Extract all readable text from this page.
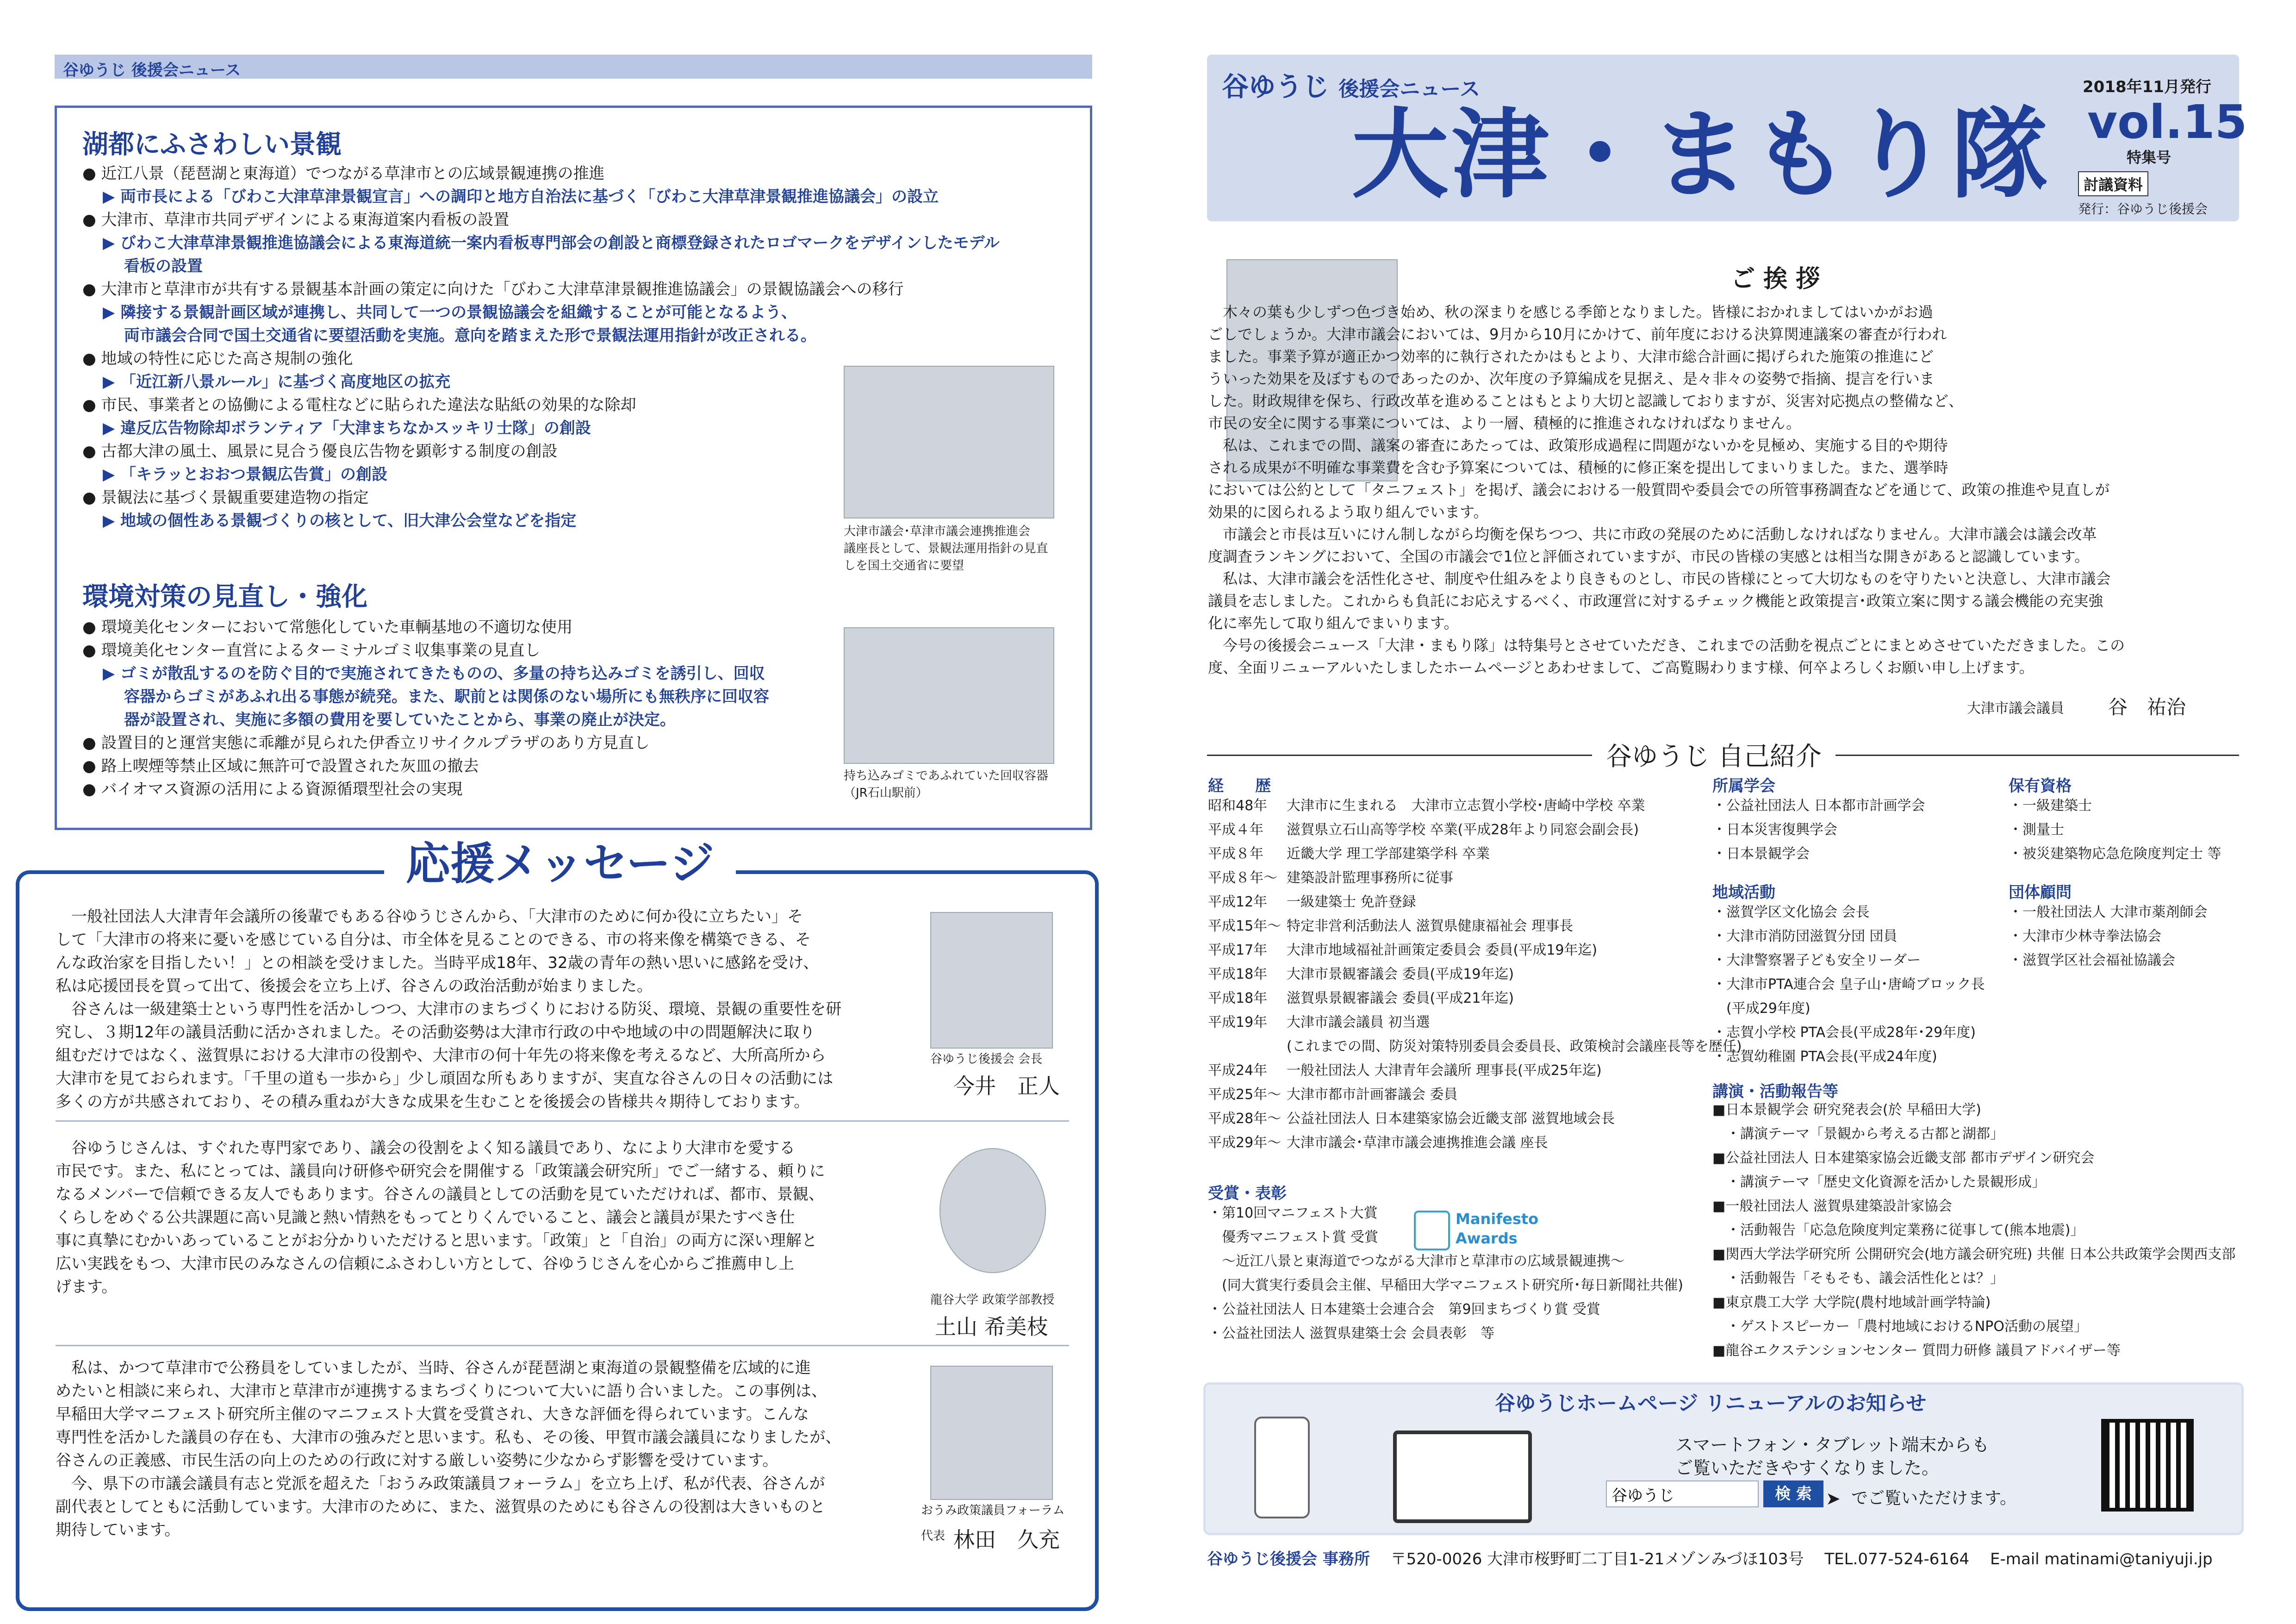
谷ゆうじ 後援会ニュース
湖都にふさわしい景観
● 近江八景（琵琶湖と東海道）でつながる草津市との広域景観連携の推進
▶ 両市長による「びわこ大津草津景観宣言」への調印と地方自治法に基づく「びわこ大津草津景観推進協議会」の設立
● 大津市、草津市共同デザインによる東海道案内看板の設置
▶ びわこ大津草津景観推進協議会による東海道統一案内看板専門部会の創設と商標登録されたロゴマークをデザインしたモデル
　 看板の設置
● 大津市と草津市が共有する景観基本計画の策定に向けた「びわこ大津草津景観推進協議会」の景観協議会への移行
▶ 隣接する景観計画区域が連携し、共同して一つの景観協議会を組織することが可能となるよう、
　 両市議会合同で国土交通省に要望活動を実施。意向を踏まえた形で景観法運用指針が改正される。
● 地域の特性に応じた高さ規制の強化
▶ 「近江新八景ルール」に基づく高度地区の拡充
● 市民、事業者との協働による電柱などに貼られた違法な貼紙の効果的な除却
▶ 違反広告物除却ボランティア「大津まちなかスッキリ士隊」の創設
● 古都大津の風土、風景に見合う優良広告物を顕彰する制度の創設
▶ 「キラッとおおつ景観広告賞」の創設
● 景観法に基づく景観重要建造物の指定
▶ 地域の個性ある景観づくりの核として、旧大津公会堂などを指定
大津市議会･草津市議会連携推進会
議座長として、景観法運用指針の見直
しを国土交通省に要望
環境対策の見直し・強化
● 環境美化センターにおいて常態化していた車輌基地の不適切な使用
● 環境美化センター直営によるターミナルゴミ収集事業の見直し
▶ ゴミが散乱するのを防ぐ目的で実施されてきたものの、多量の持ち込みゴミを誘引し、回収
　 容器からゴミがあふれ出る事態が続発。また、駅前とは関係のない場所にも無秩序に回収容
　 器が設置され、実施に多額の費用を要していたことから、事業の廃止が決定。
● 設置目的と運営実態に乖離が見られた伊香立リサイクルプラザのあり方見直し
● 路上喫煙等禁止区域に無許可で設置された灰皿の撤去
● バイオマス資源の活用による資源循環型社会の実現
持ち込みゴミであふれていた回収容器
（JR石山駅前）
応援メッセージ
　一般社団法人大津青年会議所の後輩でもある谷ゆうじさんから、「大津市のために何か役に立ちたい」そ
して「大津市の将来に憂いを感じている自分は、市全体を見ることのできる、市の将来像を構築できる、そ
んな政治家を目指したい！」との相談を受けました。当時平成18年、32歳の青年の熱い思いに感銘を受け、
私は応援団長を買って出て、後援会を立ち上げ、谷さんの政治活動が始まりました。
　谷さんは一級建築士という専門性を活かしつつ、大津市のまちづくりにおける防災、環境、景観の重要性を研
究し、３期12年の議員活動に活かされました。その活動姿勢は大津市行政の中や地域の中の問題解決に取り
組むだけではなく、滋賀県における大津市の役割や、大津市の何十年先の将来像を考えるなど、大所高所から
大津市を見ておられます。「千里の道も一歩から」少し頑固な所もありますが、実直な谷さんの日々の活動には
多くの方が共感されており、その積み重ねが大きな成果を生むことを後援会の皆様共々期待しております。
谷ゆうじ後援会 会長
今井　正人
　谷ゆうじさんは、すぐれた専門家であり、議会の役割をよく知る議員であり、なにより大津市を愛する
市民です。また、私にとっては、議員向け研修や研究会を開催する「政策議会研究所」でご一緒する、頼りに
なるメンバーで信頼できる友人でもあります。谷さんの議員としての活動を見ていただければ、都市、景観、
くらしをめぐる公共課題に高い見識と熱い情熱をもってとりくんでいること、議会と議員が果たすべき仕
事に真摯にむかいあっていることがお分かりいただけると思います。「政策」と「自治」の両方に深い理解と
広い実践をもつ、大津市民のみなさんの信頼にふさわしい方として、谷ゆうじさんを心からご推薦申し上
げます。
龍谷大学 政策学部教授
土山 希美枝
　私は、かつて草津市で公務員をしていましたが、当時、谷さんが琵琶湖と東海道の景観整備を広域的に進
めたいと相談に来られ、大津市と草津市が連携するまちづくりについて大いに語り合いました。この事例は、
早稲田大学マニフェスト研究所主催のマニフェスト大賞を受賞され、大きな評価を得られています。こんな
専門性を活かした議員の存在も、大津市の強みだと思います。私も、その後、甲賀市議会議員になりましたが、
谷さんの正義感、市民生活の向上のための行政に対する厳しい姿勢に少なからず影響を受けています。
　今、県下の市議会議員有志と党派を超えた「おうみ政策議員フォーラム」を立ち上げ、私が代表、谷さんが
副代表としてともに活動しています。大津市のために、また、滋賀県のためにも谷さんの役割は大きいものと
期待しています。
おうみ政策議員フォーラム
代表 林田　久充
谷ゆうじ 後援会ニュース
大津・まもり隊
2018年11月発行
vol.15
特集号
討議資料
発行：谷ゆうじ後援会
ご 挨 拶
　木々の葉も少しずつ色づき始め、秋の深まりを感じる季節となりました。皆様におかれましてはいかがお過
ごしでしょうか。大津市議会においては、9月から10月にかけて、前年度における決算関連議案の審査が行われ
ました。事業予算が適正かつ効率的に執行されたかはもとより、大津市総合計画に掲げられた施策の推進にど
ういった効果を及ぼすものであったのか、次年度の予算編成を見据え、是々非々の姿勢で指摘、提言を行いま
した。財政規律を保ち、行政改革を進めることはもとより大切と認識しておりますが、災害対応拠点の整備など、
市民の安全に関する事業については、より一層、積極的に推進されなければなりません。
　私は、これまでの間、議案の審査にあたっては、政策形成過程に問題がないかを見極め、実施する目的や期待
される成果が不明確な事業費を含む予算案については、積極的に修正案を提出してまいりました。また、選挙時
においては公約として「タニフェスト」を掲げ、議会における一般質問や委員会での所管事務調査などを通じて、政策の推進や見直しが
効果的に図られるよう取り組んでいます。
　市議会と市長は互いにけん制しながら均衡を保ちつつ、共に市政の発展のために活動しなければなりません。大津市議会は議会改革
度調査ランキングにおいて、全国の市議会で1位と評価されていますが、市民の皆様の実感とは相当な開きがあると認識しています。
　私は、大津市議会を活性化させ、制度や仕組みをより良きものとし、市民の皆様にとって大切なものを守りたいと決意し、大津市議会
議員を志しました。これからも負託にお応えするべく、市政運営に対するチェック機能と政策提言･政策立案に関する議会機能の充実強
化に率先して取り組んでまいります。
　今号の後援会ニュース「大津・まもり隊」は特集号とさせていただき、これまでの活動を視点ごとにまとめさせていただきました。この
度、全面リニューアルいたしましたホームページとあわせまして、ご高覧賜わります様、何卒よろしくお願い申し上げます。
大津市議会議員 谷　祐治
谷ゆうじ 自己紹介
経　　歴
昭和48年 大津市に生まれる　大津市立志賀小学校･唐崎中学校 卒業
平成４年 滋賀県立石山高等学校 卒業(平成28年より同窓会副会長)
平成８年 近畿大学 理工学部建築学科 卒業
平成８年～ 建築設計監理事務所に従事
平成12年 一級建築士 免許登録
平成15年～ 特定非営利活動法人 滋賀県健康福祉会 理事長
平成17年 大津市地域福祉計画策定委員会 委員(平成19年迄)
平成18年 大津市景観審議会 委員(平成19年迄)
平成18年 滋賀県景観審議会 委員(平成21年迄)
平成19年 大津市議会議員 初当選
(これまでの間、防災対策特別委員会委員長、政策検討会議座長等を歴任)
平成24年 一般社団法人 大津青年会議所 理事長(平成25年迄)
平成25年～ 大津市都市計画審議会 委員
平成28年～ 公益社団法人 日本建築家協会近畿支部 滋賀地域会長
平成29年～ 大津市議会･草津市議会連携推進会議 座長
受賞・表彰
・第10回マニフェスト大賞
　優秀マニフェスト賞 受賞
　～近江八景と東海道でつながる大津市と草津市の広域景観連携～
　(同大賞実行委員会主催、早稲田大学マニフェスト研究所･毎日新聞社共催)
・公益社団法人 日本建築士会連合会　第9回まちづくり賞 受賞
・公益社団法人 滋賀県建築士会 会員表彰　等
Manifesto
Awards
所属学会
・公益社団法人 日本都市計画学会
・日本災害復興学会
・日本景観学会
地域活動
・滋賀学区文化協会 会長
・大津市消防団滋賀分団 団員
・大津警察署子ども安全リーダー
・大津市PTA連合会 皇子山･唐崎ブロック長
　(平成29年度)
・志賀小学校 PTA会長(平成28年･29年度)
・志賀幼稚園 PTA会長(平成24年度)
講演・活動報告等
■日本景観学会 研究発表会(於 早稲田大学)
　・講演テーマ「景観から考える古都と湖都」
■公益社団法人 日本建築家協会近畿支部 都市デザイン研究会
　・講演テーマ「歴史文化資源を活かした景観形成」
■一般社団法人 滋賀県建築設計家協会
　・活動報告「応急危険度判定業務に従事して(熊本地震)」
■関西大学法学研究所 公開研究会(地方議会研究班) 共催 日本公共政策学会関西支部
　・活動報告「そもそも、議会活性化とは？」
■東京農工大学 大学院(農村地域計画学特論)
　・ゲストスピーカー「農村地域におけるNPO活動の展望」
■龍谷エクステンションセンター 質問力研修 議員アドバイザー等
保有資格
・一級建築士
・測量士
・被災建築物応急危険度判定士 等
団体顧問
・一般社団法人 大津市薬剤師会
・大津市少林寺拳法協会
・滋賀学区社会福祉協議会
谷ゆうじホームページ リニューアルのお知らせ
スマートフォン・タブレット端末からも
ご覧いただきやすくなりました。
谷ゆうじ
検 索 ➤ でご覧いただけます。
谷ゆうじ後援会 事務所　 〒520-0026 大津市桜野町二丁目1-21メゾンみづほ103号　 TEL.077-524-6164　 E-mail matinami@taniyuji.jp
